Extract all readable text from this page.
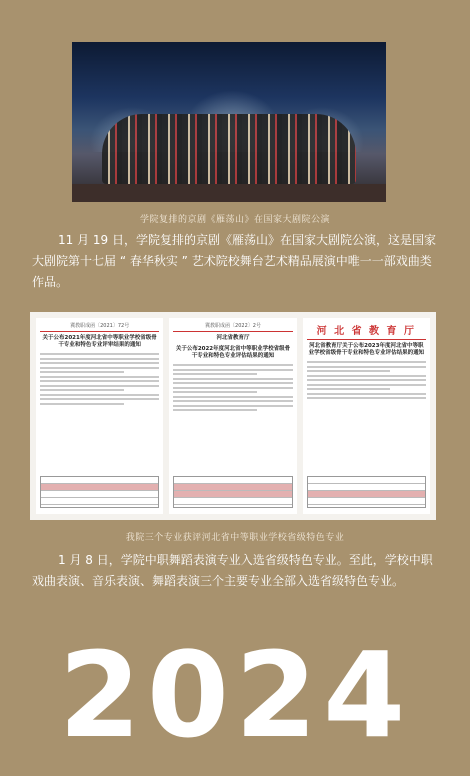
学院复排的京剧《雁荡山》在国家大剧院公演

11 月 19 日，学院复排的京剧《雁荡山》在国家大剧院公演，这是国家大剧院第十七届 “ 春华秋实 ” 艺术院校舞台艺术精品展演中唯一一部戏曲类作品。

冀教职成函〔2021〕72号
关于公布2021年度河北省中等职业学校省级骨干专业和特色专业评审结果的通知
冀教职成函〔2022〕2号
河北省教育厅
关于公布2022年度河北省中等职业学校省级骨干专业和特色专业评估结果的通知
河 北 省 教 育 厅
河北省教育厅关于公布2023年度河北省中等职业学校省级骨干专业和特色专业评估结果的通知
我院三个专业获评河北省中等职业学校省级特色专业

1 月 8 日，学院中职舞蹈表演专业入选省级特色专业。至此，学校中职戏曲表演、音乐表演、舞蹈表演三个主要专业全部入选省级特色专业。

2024
